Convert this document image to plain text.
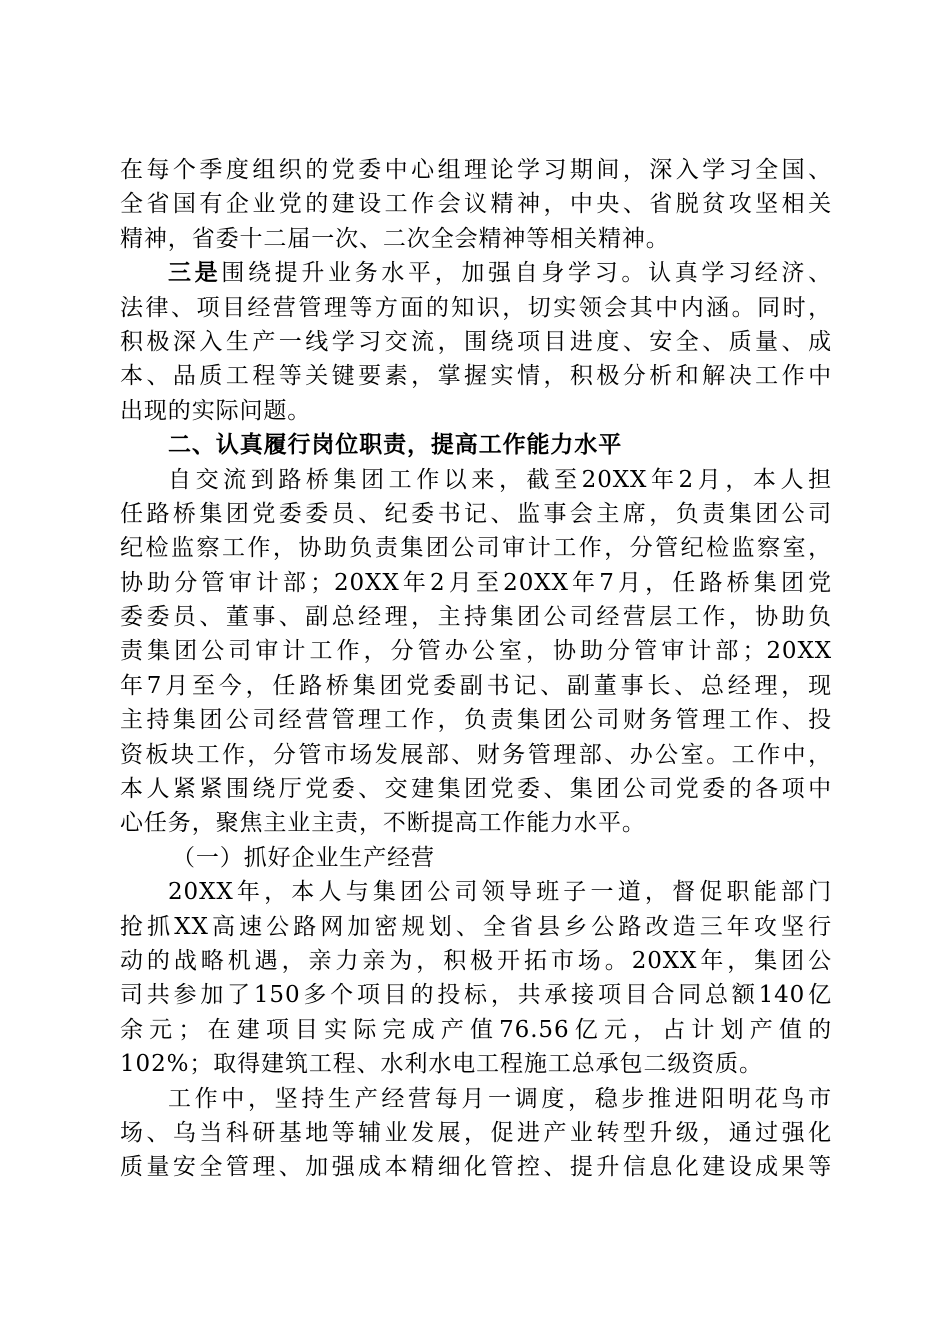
在每个季度组织的党委中心组理论学习期间，深入学习全国、
全省国有企业党的建设工作会议精神，中央、省脱贫攻坚相关
精神，省委十二届一次、二次全会精神等相关精神。
三是围绕提升业务水平，加强自身学习。认真学习经济、
法律、项目经营管理等方面的知识，切实领会其中内涵。同时，
积极深入生产一线学习交流，围绕项目进度、安全、质量、成
本、品质工程等关键要素，掌握实情，积极分析和解决工作中
出现的实际问题。
二、认真履行岗位职责，提高工作能力水平
自交流到路桥集团工作以来，截至20XX年2月，本人担
任路桥集团党委委员、纪委书记、监事会主席，负责集团公司
纪检监察工作，协助负责集团公司审计工作，分管纪检监察室，
协助分管审计部；20XX年2月至20XX年7月，任路桥集团党
委委员、董事、副总经理，主持集团公司经营层工作，协助负
责集团公司审计工作，分管办公室，协助分管审计部；20XX
年7月至今，任路桥集团党委副书记、副董事长、总经理，现
主持集团公司经营管理工作，负责集团公司财务管理工作、投
资板块工作，分管市场发展部、财务管理部、办公室。工作中，
本人紧紧围绕厅党委、交建集团党委、集团公司党委的各项中
心任务，聚焦主业主责，不断提高工作能力水平。
（一）抓好企业生产经营
20XX年，本人与集团公司领导班子一道，督促职能部门
抢抓XX高速公路网加密规划、全省县乡公路改造三年攻坚行
动的战略机遇，亲力亲为，积极开拓市场。20XX年，集团公
司共参加了150多个项目的投标，共承接项目合同总额140亿
余元；在建项目实际完成产值76.56亿元，占计划产值的
102%；取得建筑工程、水利水电工程施工总承包二级资质。
工作中，坚持生产经营每月一调度，稳步推进阳明花鸟市
场、乌当科研基地等辅业发展，促进产业转型升级，通过强化
质量安全管理、加强成本精细化管控、提升信息化建设成果等
